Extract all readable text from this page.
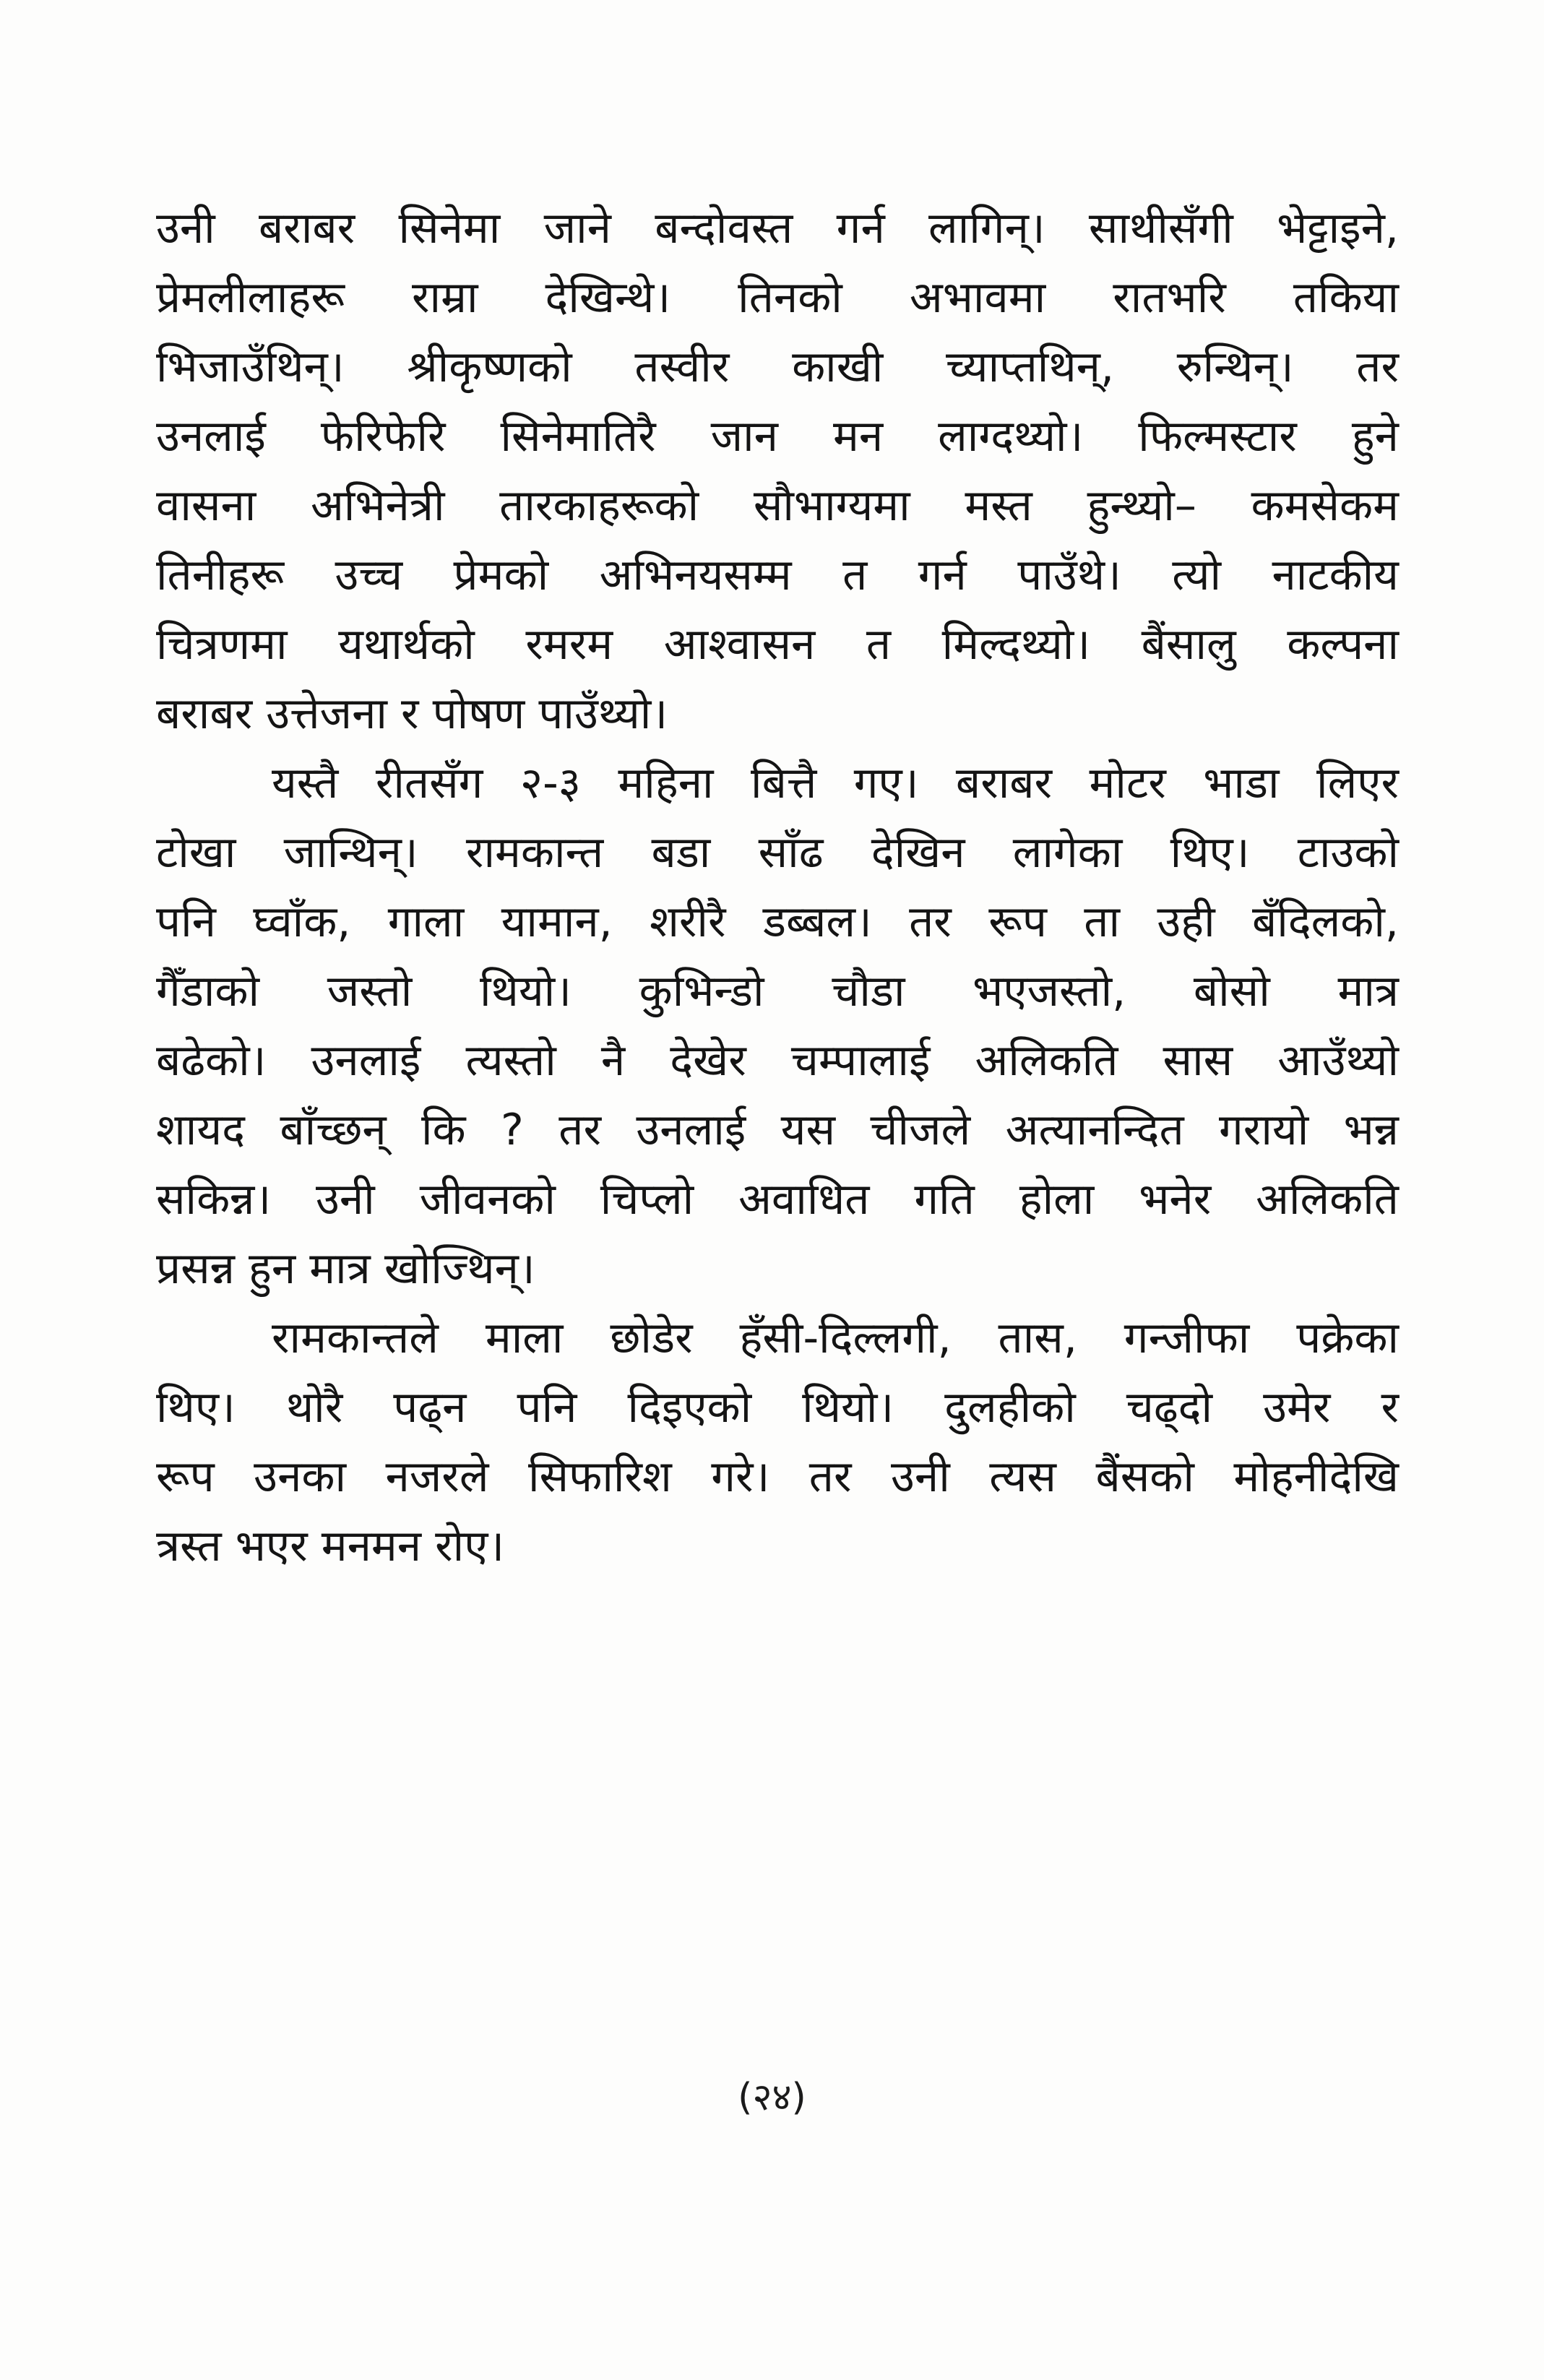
उनी बराबर सिनेमा जाने बन्दोवस्त गर्न लागिन्। साथीसँगी भेट्टाइने,
प्रेमलीलाहरू राम्रा देखिन्थे। तिनको अभावमा रातभरि तकिया
भिजाउँथिन्। श्रीकृष्णको तस्वीर काखी च्याप्तथिन्, रुन्थिन्। तर
उनलाई फेरिफेरि सिनेमातिरै जान मन लाग्दथ्यो। फिल्मस्टार हुने
वासना अभिनेत्री तारकाहरूको सौभाग्यमा मस्त हुन्थ्यो– कमसेकम
तिनीहरू उच्च प्रेमको अभिनयसम्म त गर्न पाउँथे। त्यो नाटकीय
चित्रणमा यथार्थको रमरम आश्वासन त मिल्दथ्यो। बैंसालु कल्पना
बराबर उत्तेजना र पोषण पाउँथ्यो।
यस्तै रीतसँग २-३ महिना बित्तै गए। बराबर मोटर भाडा लिएर
टोखा जान्थिन्। रामकान्त बडा साँढ देखिन लागेका थिए। टाउको
पनि घ्वाँक, गाला यामान, शरीरै डब्बल। तर रूप ता उही बँदिलको,
गैँडाको जस्तो थियो। कुभिन्डो चौडा भएजस्तो, बोसो मात्र
बढेको। उनलाई त्यस्तो नै देखेर चम्पालाई अलिकति सास आउँथ्यो
शायद बाँच्छन् कि ? तर उनलाई यस चीजले अत्यानन्दित गरायो भन्न
सकिन्न। उनी जीवनको चिप्लो अवाधित गति होला भनेर अलिकति
प्रसन्न हुन मात्र खोज्थिन्।
रामकान्तले माला छोडेर हँसी-दिल्लगी, तास, गन्जीफा पक्रेका
थिए। थोरै पढ्न पनि दिइएको थियो। दुलहीको चढ्दो उमेर र
रूप उनका नजरले सिफारिश गरे। तर उनी त्यस बैंसको मोहनीदेखि
त्रस्त भएर मनमन रोए।
(२४)
